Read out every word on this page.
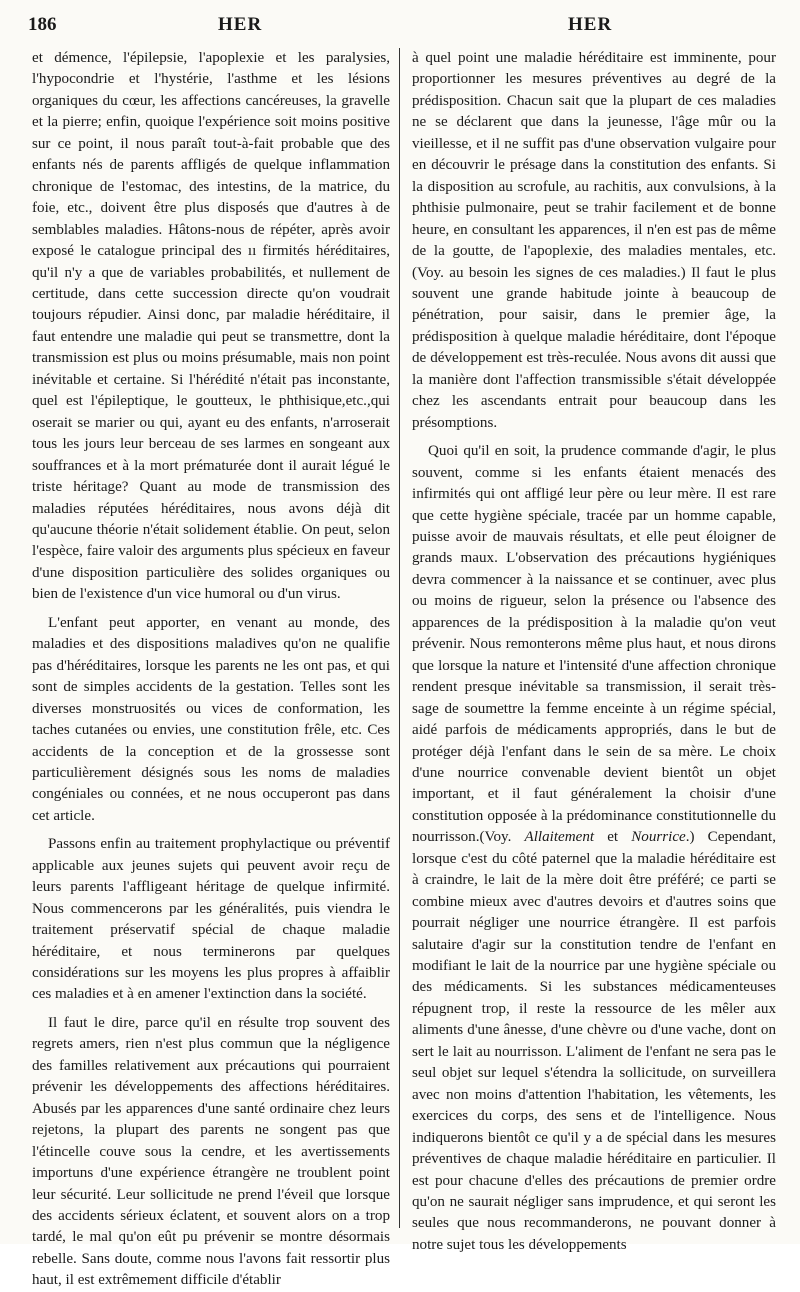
186	HER	HER

et démence, l'épilepsie, l'apoplexie et les paralysies, l'hypocondrie et l'hystérie, l'asthme et les lésions organiques du cœur, les affections cancéreuses, la gravelle et la pierre; enfin, quoique l'expérience soit moins positive sur ce point, il nous paraît tout-à-fait probable que des enfants nés de parents affligés de quelque inflammation chronique de l'estomac, des intestins, de la matrice, du foie, etc., doivent être plus disposés que d'autres à de semblables maladies. Hâtons-nous de répéter, après avoir exposé le catalogue principal des ıı firmités héréditaires, qu'il n'y a que de variables probabilités, et nullement de certitude, dans cette succession directe qu'on voudrait toujours répudier. Ainsi donc, par maladie héréditaire, il faut entendre une maladie qui peut se transmettre, dont la transmission est plus ou moins présumable, mais non point inévitable et certaine. Si l'hérédité n'était pas inconstante, quel est l'épileptique, le goutteux, le phthisique,etc.,qui oserait se marier ou qui, ayant eu des enfants, n'arroserait tous les jours leur berceau de ses larmes en songeant aux souffrances et à la mort prématurée dont il aurait légué le triste héritage? Quant au mode de transmission des maladies réputées héréditaires, nous avons déjà dit qu'aucune théorie n'était solidement établie. On peut, selon l'espèce, faire valoir des arguments plus spécieux en faveur d'une disposition particulière des solides organiques ou bien de l'existence d'un vice humoral ou d'un virus.

L'enfant peut apporter, en venant au monde, des maladies et des dispositions maladives qu'on ne qualifie pas d'héréditaires, lorsque les parents ne les ont pas, et qui sont de simples accidents de la gestation. Telles sont les diverses monstruosités ou vices de conformation, les taches cutanées ou envies, une constitution frêle, etc. Ces accidents de la conception et de la grossesse sont particulièrement désignés sous les noms de maladies congéniales ou connées, et ne nous occuperont pas dans cet article.

Passons enfin au traitement prophylactique ou préventif applicable aux jeunes sujets qui peuvent avoir reçu de leurs parents l'affligeant héritage de quelque infirmité. Nous commencerons par les généralités, puis viendra le traitement préservatif spécial de chaque maladie héréditaire, et nous terminerons par quelques considérations sur les moyens les plus propres à affaiblir ces maladies et à en amener l'extinction dans la société.

Il faut le dire, parce qu'il en résulte trop souvent des regrets amers, rien n'est plus commun que la négligence des familles relativement aux précautions qui pourraient prévenir les développements des affections héréditaires. Abusés par les apparences d'une santé ordinaire chez leurs rejetons, la plupart des parents ne songent pas que l'étincelle couve sous la cendre, et les avertissements importuns d'une expérience étrangère ne troublent point leur sécurité. Leur sollicitude ne prend l'éveil que lorsque des accidents sérieux éclatent, et souvent alors on a trop tardé, le mal qu'on eût pu prévenir se montre désormais rebelle. Sans doute, comme nous l'avons fait ressortir plus haut, il est extrêmement difficile d'établir

à quel point une maladie héréditaire est imminente, pour proportionner les mesures préventives au degré de la prédisposition. Chacun sait que la plupart de ces maladies ne se déclarent que dans la jeunesse, l'âge mûr ou la vieillesse, et il ne suffit pas d'une observation vulgaire pour en découvrir le présage dans la constitution des enfants. Si la disposition au scrofule, au rachitis, aux convulsions, à la phthisie pulmonaire, peut se trahir facilement et de bonne heure, en consultant les apparences, il n'en est pas de même de la goutte, de l'apoplexie, des maladies mentales, etc. (Voy. au besoin les signes de ces maladies.) Il faut le plus souvent une grande habitude jointe à beaucoup de pénétration, pour saisir, dans le premier âge, la prédisposition à quelque maladie héréditaire, dont l'époque de développement est très-reculée. Nous avons dit aussi que la manière dont l'affection transmissible s'était développée chez les ascendants entrait pour beaucoup dans les présomptions.

Quoi qu'il en soit, la prudence commande d'agir, le plus souvent, comme si les enfants étaient menacés des infirmités qui ont affligé leur père ou leur mère. Il est rare que cette hygiène spéciale, tracée par un homme capable, puisse avoir de mauvais résultats, et elle peut éloigner de grands maux. L'observation des précautions hygiéniques devra commencer à la naissance et se continuer, avec plus ou moins de rigueur, selon la présence ou l'absence des apparences de la prédisposition à la maladie qu'on veut prévenir. Nous remonterons même plus haut, et nous dirons que lorsque la nature et l'intensité d'une affection chronique rendent presque inévitable sa transmission, il serait très-sage de soumettre la femme enceinte à un régime spécial, aidé parfois de médicaments appropriés, dans le but de protéger déjà l'enfant dans le sein de sa mère. Le choix d'une nourrice convenable devient bientôt un objet important, et il faut généralement la choisir d'une constitution opposée à la prédominance constitutionnelle du nourrisson.(Voy. Allaitement et Nourrice.) Cependant, lorsque c'est du côté paternel que la maladie héréditaire est à craindre, le lait de la mère doit être préféré; ce parti se combine mieux avec d'autres devoirs et d'autres soins que pourrait négliger une nourrice étrangère. Il est parfois salutaire d'agir sur la constitution tendre de l'enfant en modifiant le lait de la nourrice par une hygiène spéciale ou des médicaments. Si les substances médicamenteuses répugnent trop, il reste la ressource de les mêler aux aliments d'une ânesse, d'une chèvre ou d'une vache, dont on sert le lait au nourrisson. L'aliment de l'enfant ne sera pas le seul objet sur lequel s'étendra la sollicitude, on surveillera avec non moins d'attention l'habitation, les vêtements, les exercices du corps, des sens et de l'intelligence. Nous indiquerons bientôt ce qu'il y a de spécial dans les mesures préventives de chaque maladie héréditaire en particulier. Il est pour chacune d'elles des précautions de premier ordre qu'on ne saurait négliger sans imprudence, et qui seront les seules que nous recommanderons, ne pouvant donner à notre sujet tous les développements
